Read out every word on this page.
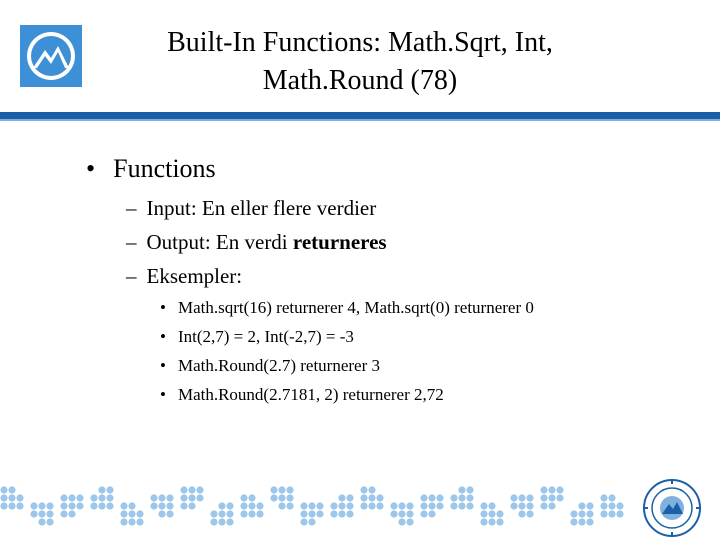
Built-In Functions: Math.Sqrt, Int,
Math.Round (78)
• Functions
– Input: En eller flere verdier
– Output: En verdi returneres
– Eksempler:
• Math.sqrt(16) returnerer 4, Math.sqrt(0) returnerer 0
• Int(2,7) = 2, Int(-2,7) = -3
• Math.Round(2.7) returnerer 3
• Math.Round(2.7181, 2) returnerer 2,72
